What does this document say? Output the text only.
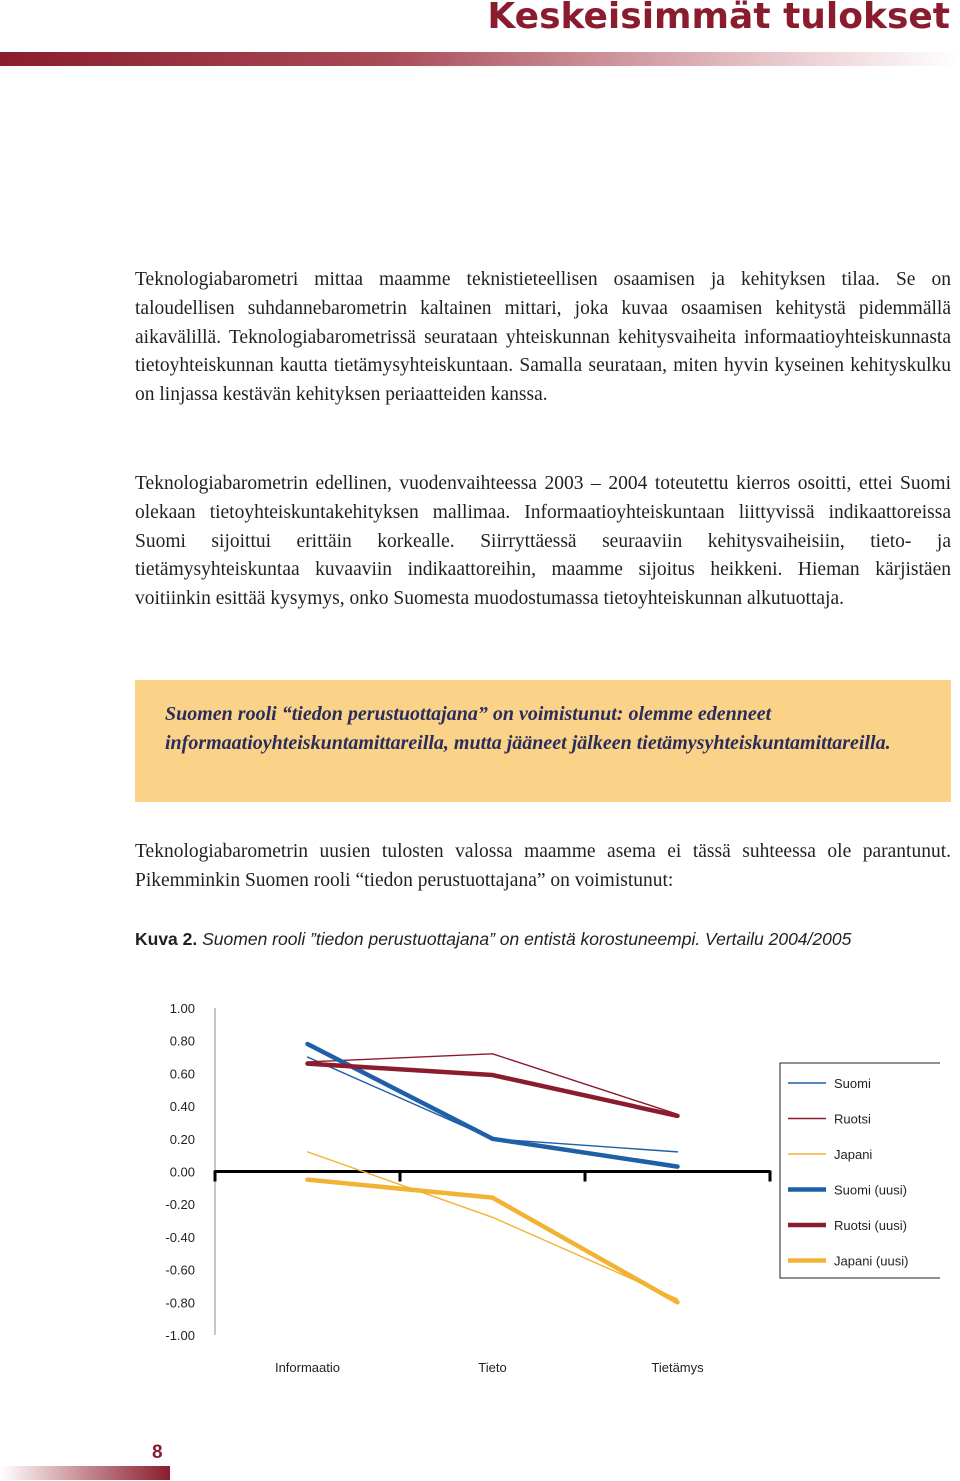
Keskeisimmät tulokset

Teknologiabarometri mittaa maamme teknistieteellisen osaamisen ja kehityksen tilaa. Se on taloudellisen suhdannebarometrin kaltainen mittari, joka kuvaa osaamisen kehitystä pidemmällä aikavälillä. Teknologiabarometrissä seurataan yhteiskunnan kehitysvaiheita informaatioyhteiskunnasta tietoyhteiskunnan kautta tietämysyhteiskuntaan. Samalla seurataan, miten hyvin kyseinen kehityskulku on linjassa kestävän kehityksen periaatteiden kanssa.

Teknologiabarometrin edellinen, vuodenvaihteessa 2003 – 2004 toteutettu kierros osoitti, ettei Suomi olekaan tietoyhteiskuntakehityksen mallimaa. Informaatioyhteiskuntaan liittyvissä indikaattoreissa Suomi sijoittui erittäin korkealle. Siirryttäessä seuraaviin kehitysvaiheisiin, tieto- ja tietämysyhteiskuntaa kuvaaviin indikaattoreihin, maamme sijoitus heikkeni. Hieman kärjistäen voitiinkin esittää kysymys, onko Suomesta muodostumassa tietoyhteiskunnan alkutuottaja.

Suomen rooli “tiedon perustuottajana” on voimistunut: olemme edenneet informaatioyhteiskuntamittareilla, mutta jääneet jälkeen tietämysyhteiskuntamittareilla.

Teknologiabarometrin uusien tulosten valossa maamme asema ei tässä suhteessa ole parantunut. Pikemminkin Suomen rooli “tiedon perustuottajana” on voimistunut:

Kuva 2. Suomen rooli ”tiedon perustuottajana” on entistä korostuneempi. Vertailu 2004/2005
1.00
0.80
0.60
0.40
0.20
0.00
-0.20
-0.40
-0.60
-0.80
-1.00
Informaatio	Tieto	Tietämys
Suomi
Ruotsi
Japani
Suomi (uusi)
Ruotsi (uusi)
Japani (uusi)
8
